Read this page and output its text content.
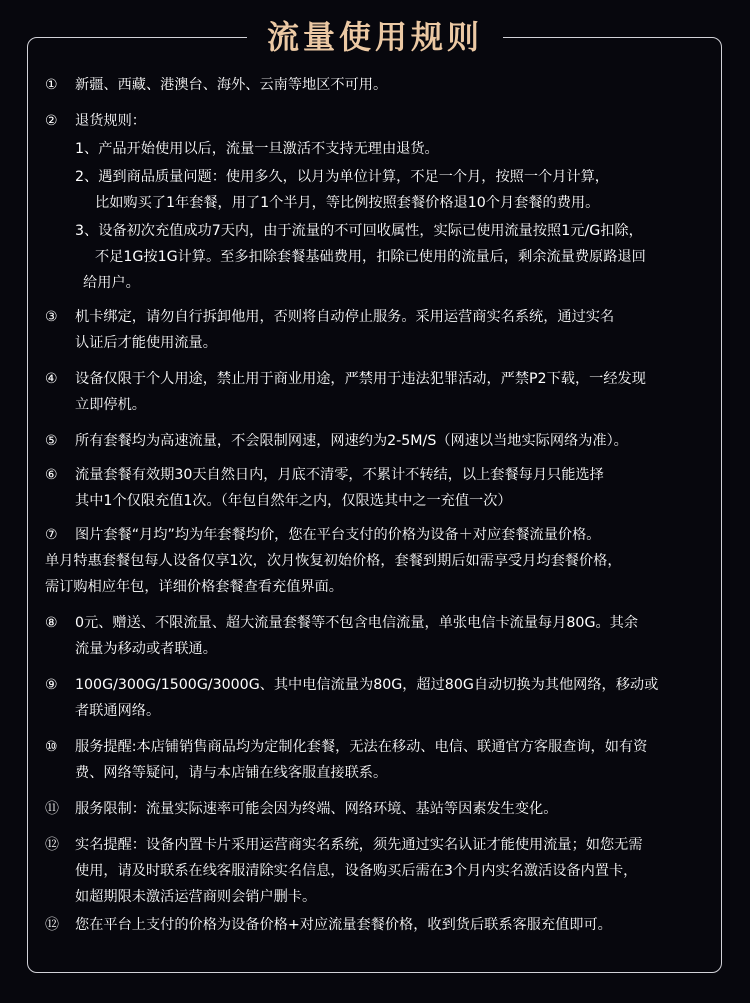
流量使用规则
①	新疆、西藏、港澳台、海外、云南等地区不可用。
②	退货规则：
1、产品开始使用以后，流量一旦激活不支持无理由退货。
2、遇到商品质量问题：使用多久，以月为单位计算，不足一个月，按照一个月计算，
比如购买了1年套餐，用了1个半月，等比例按照套餐价格退10个月套餐的费用。
3、设备初次充值成功7天内，由于流量的不可回收属性，实际已使用流量按照1元/G扣除，
不足1G按1G计算。至多扣除套餐基础费用，扣除已使用的流量后，剩余流量费原路退回
给用户。
③	机卡绑定，请勿自行拆卸他用，否则将自动停止服务。采用运营商实名系统，通过实名
认证后才能使用流量。
④	设备仅限于个人用途，禁止用于商业用途，严禁用于违法犯罪活动，严禁P2下载，一经发现
立即停机。
⑤	所有套餐均为高速流量，不会限制网速，网速约为2-5M/S（网速以当地实际网络为准）。
⑥	流量套餐有效期30天自然日内，月底不清零，不累计不转结，以上套餐每月只能选择
其中1个仅限充值1次。（年包自然年之内，仅限选其中之一充值一次）
⑦	图片套餐“月均”均为年套餐均价，您在平台支付的价格为设备＋对应套餐流量价格。
单月特惠套餐包每人设备仅享1次，次月恢复初始价格，套餐到期后如需享受月均套餐价格，
需订购相应年包，详细价格套餐查看充值界面。
⑧	0元、赠送、不限流量、超大流量套餐等不包含电信流量，单张电信卡流量每月80G。其余
流量为移动或者联通。
⑨	100G/300G/1500G/3000G、其中电信流量为80G，超过80G自动切换为其他网络，移动或
者联通网络。
⑩	服务提醒:本店铺销售商品均为定制化套餐，无法在移动、电信、联通官方客服查询，如有资
费、网络等疑问，请与本店铺在线客服直接联系。
⑪	服务限制：流量实际速率可能会因为终端、网络环境、基站等因素发生变化。
⑫	实名提醒：设备内置卡片采用运营商实名系统，须先通过实名认证才能使用流量；如您无需
使用，请及时联系在线客服清除实名信息，设备购买后需在3个月内实名激活设备内置卡，
如超期限未激活运营商则会销户删卡。
⑫	您在平台上支付的价格为设备价格+对应流量套餐价格，收到货后联系客服充值即可。
